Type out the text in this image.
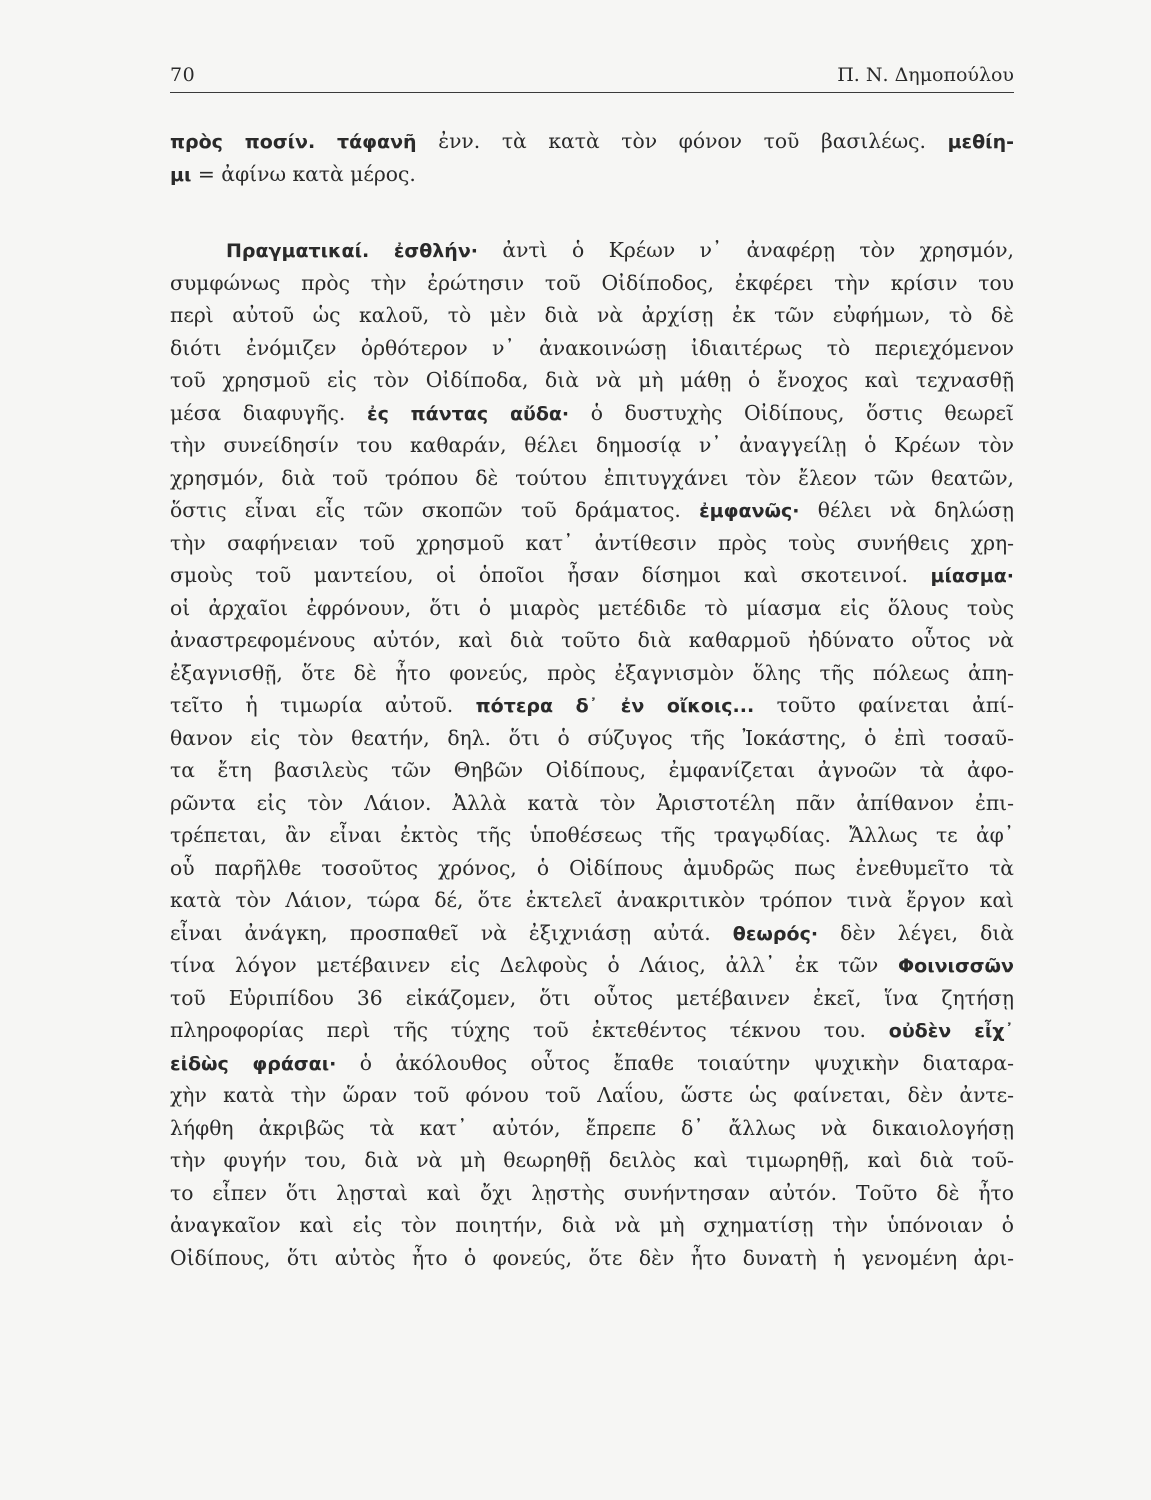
70	Π. Ν. Δημοπούλου
πρὸς ποσίν. τάφανῆ ἐνν. τὰ κατὰ τὸν φόνον τοῦ βασιλέως. μεθίη-
μι = ἀφίνω κατὰ μέρος.
Πραγματικαί. ἐσθλήν· ἀντὶ ὁ Κρέων ν᾽ ἀναφέρῃ τὸν χρησμόν,
συμφώνως πρὸς τὴν ἐρώτησιν τοῦ Οἰδίποδος, ἐκφέρει τὴν κρίσιν του
περὶ αὐτοῦ ὡς καλοῦ, τὸ μὲν διὰ νὰ ἀρχίσῃ ἐκ τῶν εὐφήμων, τὸ δὲ
διότι ἐνόμιζεν ὀρθότερον ν᾽ ἀνακοινώσῃ ἰδιαιτέρως τὸ περιεχόμενον
τοῦ χρησμοῦ εἰς τὸν Οἰδίποδα, διὰ νὰ μὴ μάθῃ ὁ ἔνοχος καὶ τεχνασθῇ
μέσα διαφυγῆς. ἐς πάντας αὔδα· ὁ δυστυχὴς Οἰδίπους, ὅστις θεωρεῖ
τὴν συνείδησίν του καθαράν, θέλει δημοσίᾳ ν᾽ ἀναγγείλῃ ὁ Κρέων τὸν
χρησμόν, διὰ τοῦ τρόπου δὲ τούτου ἐπιτυγχάνει τὸν ἔλεον τῶν θεατῶν,
ὅστις εἶναι εἷς τῶν σκοπῶν τοῦ δράματος. ἐμφανῶς· θέλει νὰ δηλώσῃ
τὴν σαφήνειαν τοῦ χρησμοῦ κατ᾽ ἀντίθεσιν πρὸς τοὺς συνήθεις χρη-
σμοὺς τοῦ μαντείου, οἱ ὁποῖοι ἦσαν δίσημοι καὶ σκοτεινοί. μίασμα·
οἱ ἀρχαῖοι ἐφρόνουν, ὅτι ὁ μιαρὸς μετέδιδε τὸ μίασμα εἰς ὅλους τοὺς
ἀναστρεφομένους αὐτόν, καὶ διὰ τοῦτο διὰ καθαρμοῦ ἠδύνατο οὗτος νὰ
ἐξαγνισθῇ, ὅτε δὲ ἦτο φονεύς, πρὸς ἐξαγνισμὸν ὅλης τῆς πόλεως ἀπη-
τεῖτο ἡ τιμωρία αὐτοῦ. πότερα δ᾽ ἐν οἴκοις... τοῦτο φαίνεται ἀπί-
θανον εἰς τὸν θεατήν, δηλ. ὅτι ὁ σύζυγος τῆς Ἰοκάστης, ὁ ἐπὶ τοσαῦ-
τα ἔτη βασιλεὺς τῶν Θηβῶν Οἰδίπους, ἐμφανίζεται ἀγνοῶν τὰ ἀφο-
ρῶντα εἰς τὸν Λάιον. Ἀλλὰ κατὰ τὸν Ἀριστοτέλη πᾶν ἀπίθανον ἐπι-
τρέπεται, ἂν εἶναι ἐκτὸς τῆς ὑποθέσεως τῆς τραγῳδίας. Ἄλλως τε ἀφ᾽
οὗ παρῆλθε τοσοῦτος χρόνος, ὁ Οἰδίπους ἀμυδρῶς πως ἐνεθυμεῖτο τὰ
κατὰ τὸν Λάιον, τώρα δέ, ὅτε ἐκτελεῖ ἀνακριτικὸν τρόπον τινὰ ἔργον καὶ
εἶναι ἀνάγκη, προσπαθεῖ νὰ ἐξιχνιάσῃ αὐτά. θεωρός· δὲν λέγει, διὰ
τίνα λόγον μετέβαινεν εἰς Δελφοὺς ὁ Λάιος, ἀλλ᾽ ἐκ τῶν Φοινισσῶν
τοῦ Εὐριπίδου 36 εἰκάζομεν, ὅτι οὗτος μετέβαινεν ἐκεῖ, ἵνα ζητήσῃ
πληροφορίας περὶ τῆς τύχης τοῦ ἐκτεθέντος τέκνου του. οὐδὲν εἶχ᾽
εἰδὼς φράσαι· ὁ ἀκόλουθος οὗτος ἔπαθε τοιαύτην ψυχικὴν διαταρα-
χὴν κατὰ τὴν ὥραν τοῦ φόνου τοῦ Λαΐου, ὥστε ὡς φαίνεται, δὲν ἀντε-
λήφθη ἀκριβῶς τὰ κατ᾽ αὐτόν, ἔπρεπε δ᾽ ἄλλως νὰ δικαιολογήσῃ
τὴν φυγήν του, διὰ νὰ μὴ θεωρηθῇ δειλὸς καὶ τιμωρηθῇ, καὶ διὰ τοῦ-
το εἶπεν ὅτι λῃσταὶ καὶ ὄχι λῃστὴς συνήντησαν αὐτόν. Τοῦτο δὲ ἦτο
ἀναγκαῖον καὶ εἰς τὸν ποιητήν, διὰ νὰ μὴ σχηματίσῃ τὴν ὑπόνοιαν ὁ
Οἰδίπους, ὅτι αὐτὸς ἦτο ὁ φονεύς, ὅτε δὲν ἦτο δυνατὴ ἡ γενομένη ἀρι-
